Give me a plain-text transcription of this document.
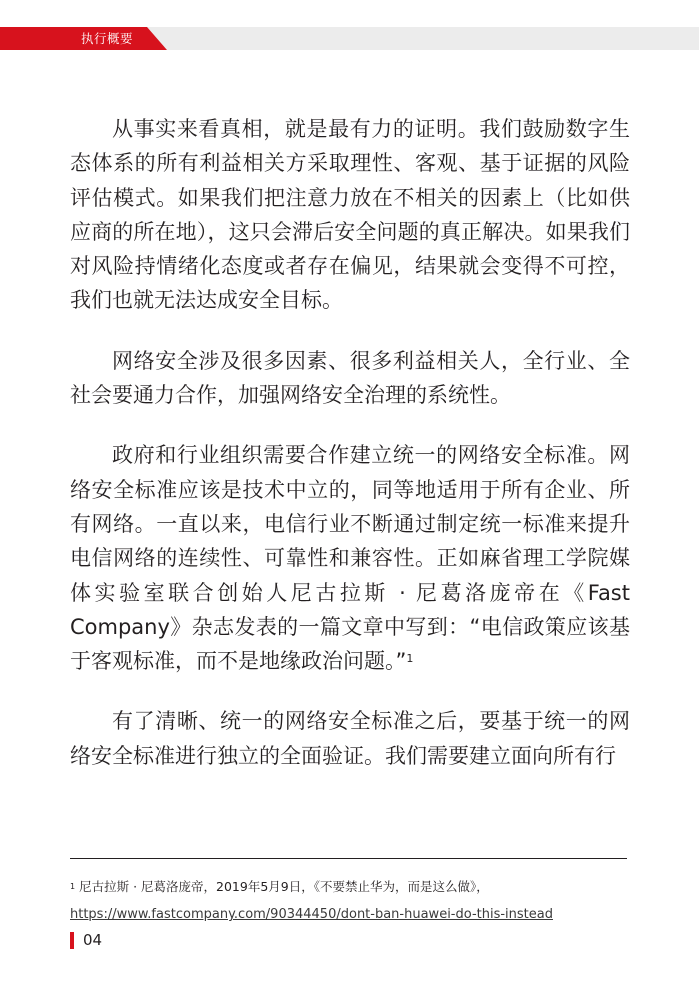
执行概要

从事实来看真相，就是最有力的证明。我们鼓励数字生态体系的所有利益相关方采取理性、客观、基于证据的风险评估模式。如果我们把注意力放在不相关的因素上（比如供应商的所在地），这只会滞后安全问题的真正解决。如果我们对风险持情绪化态度或者存在偏见，结果就会变得不可控，我们也就无法达成安全目标。

网络安全涉及很多因素、很多利益相关人，全行业、全社会要通力合作，加强网络安全治理的系统性。

政府和行业组织需要合作建立统一的网络安全标准。网络安全标准应该是技术中立的，同等地适用于所有企业、所有网络。一直以来，电信行业不断通过制定统一标准来提升电信网络的连续性、可靠性和兼容性。正如麻省理工学院媒体实验室联合创始人尼古拉斯 · 尼葛洛庞帝在《Fast Company》杂志发表的一篇文章中写到：“电信政策应该基于客观标准，而不是地缘政治问题。”$^1$

有了清晰、统一的网络安全标准之后，要基于统一的网络安全标准进行独立的全面验证。我们需要建立面向所有行

$^1$ 尼古拉斯 · 尼葛洛庞帝，2019年5月9日，《不要禁止华为，而是这么做》，
https://www.fastcompany.com/90344450/dont-ban-huawei-do-this-instead
04
